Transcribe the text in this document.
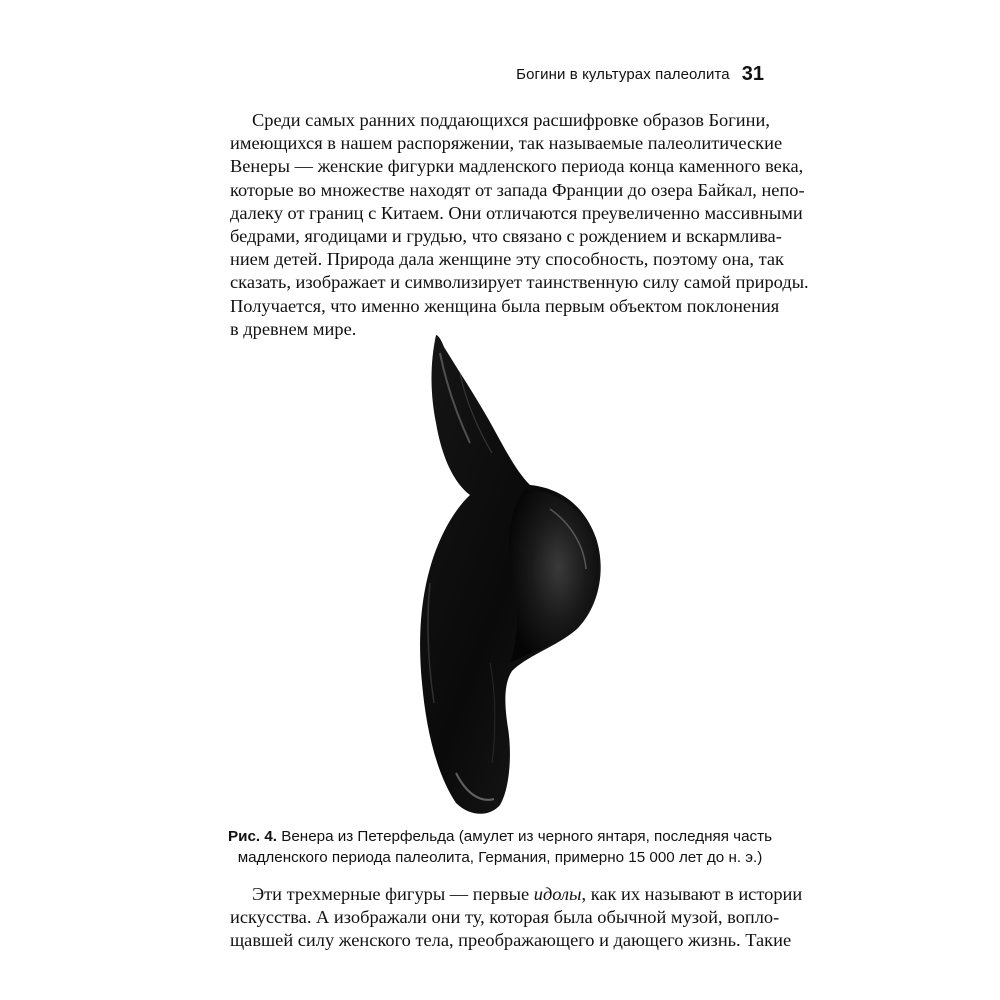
Богини в культурах палеолита 31
Среди самых ранних поддающихся расшифровке образов Богини,
имеющихся в нашем распоряжении, так называемые палеолитические
Венеры — женские фигурки мадленского периода конца каменного века,
которые во множестве находят от запада Франции до озера Байкал, непо-
далеку от границ с Китаем. Они отличаются преувеличенно массивными
бедрами, ягодицами и грудью, что связано с рождением и вскармлива-
нием детей. Природа дала женщине эту способность, поэтому она, так
сказать, изображает и символизирует таинственную силу самой природы.
Получается, что именно женщина была первым объектом поклонения
в древнем мире.
Рис. 4. Венера из Петерфельда (амулет из черного янтаря, последняя часть
мадленского периода палеолита, Германия, примерно 15 000 лет до н. э.)
Эти трехмерные фигуры — первые идолы, как их называют в истории
искусства. А изображали они ту, которая была обычной музой, вопло-
щавшей силу женского тела, преображающего и дающего жизнь. Такие
